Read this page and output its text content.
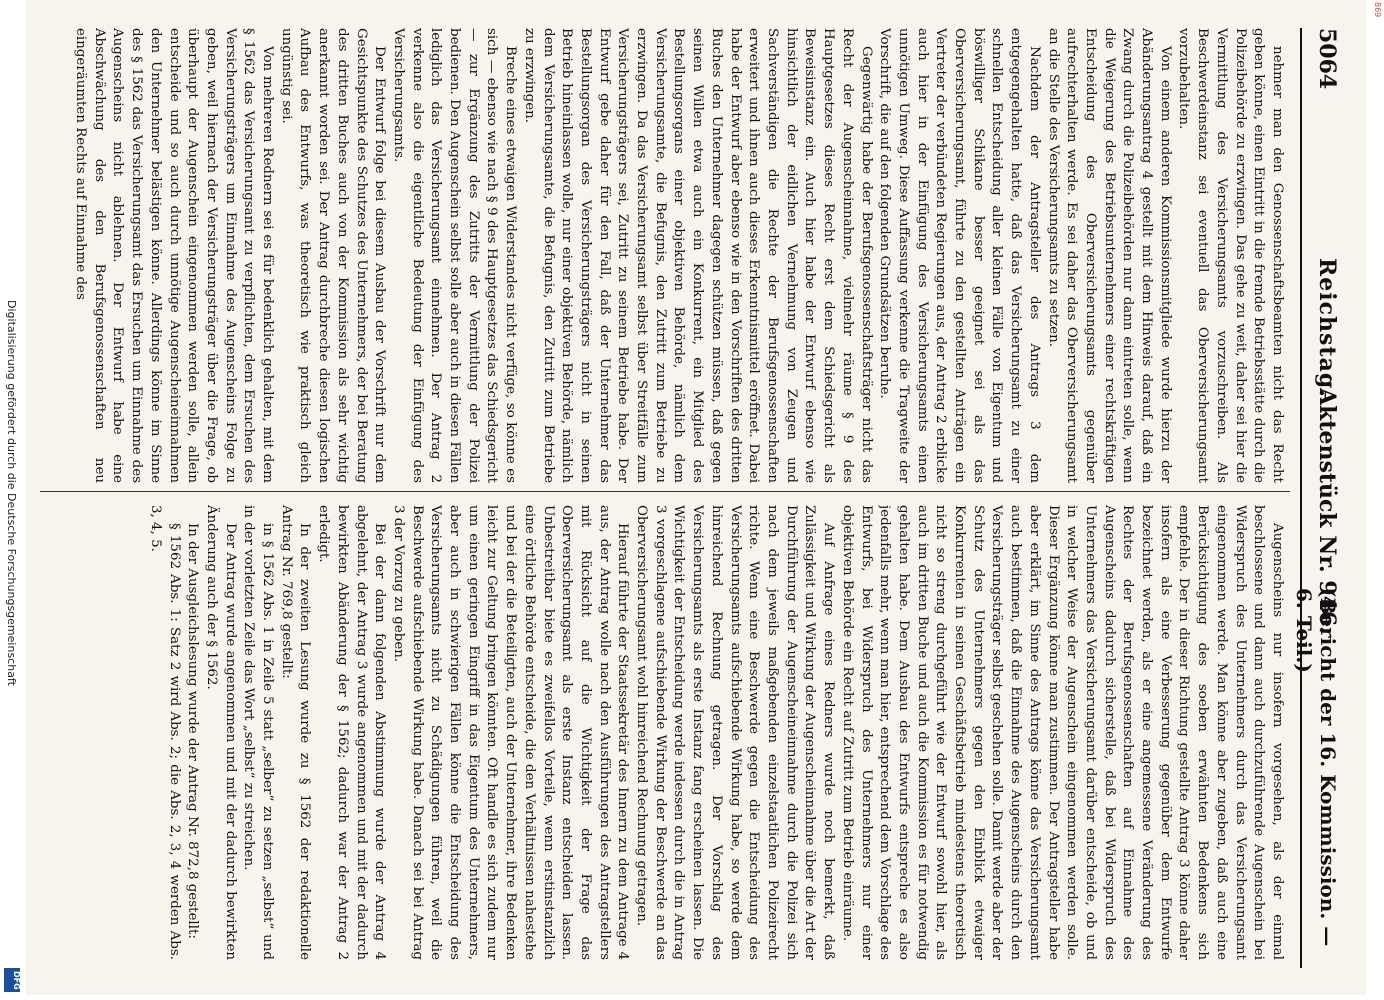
Digitalisierung gefördert durch die Deutsche Forschungsgemeinschaft
DFG
869
5064
Reichstag.
Aktenstück Nr. 946.
(Bericht der 16. Kommission. — 6. Teil.)

nehmer man den Genossenschaftsbeamten nicht das Recht geben könne, einen Eintritt in die fremde Betriebsstätte durch die Polizeibehörde zu erzwingen. Das gehe zu weit, daher sei hier die Vermittlung des Versicherungsamts vorzuschreiben. Als Beschwerdeinstanz sei eventuell das Oberversicherungsamt vorzubehalten.

Von einem anderen Kommissionsmitgliede wurde hierzu der Abänderungsantrag 4 gestellt mit dem Hinweis darauf, daß ein Zwang durch die Polizeibehörden nur dann eintreten solle, wenn die Weigerung des Betriebsunternehmers einer rechtskräftigen Entscheidung des Oberversicherungsamts gegenüber aufrechterhalten werde. Es sei daher das Oberversicherungsamt an die Stelle des Versicherungsamts zu setzen.

Nachdem der Antragsteller des Antrags 3 dem entgegengehalten hatte, daß das Versicherungsamt zu einer schnellen Entscheidung aller kleinen Fälle von Eigentum und böswilliger Schikane besser geeignet sei als das Oberversicherungsamt, führte zu den gestellten Anträgen ein Vertreter der verbündeten Regierungen aus, der Antrag 2 erblicke auch hier in der Einfügung des Versicherungsamts einen unnötigen Umweg. Diese Auffassung verkenne die Tragweite der Vorschrift, die auf den folgenden Grundsätzen beruhe.

Gegenwärtig habe der Berufsgenossenschaftsträger nicht das Recht der Augenscheinnahme, vielmehr räume § 9 des Hauptgesetzes dieses Recht erst dem Schiedsgericht als Beweisinstanz ein. Auch hier habe der Entwurf ebenso wie hinsichtlich der eidlichen Vernehmung von Zeugen und Sachverständigen die Rechte der Berufsgenossenschaften erweitert und ihnen auch dieses Erkenntnismittel eröffnet. Dabei habe der Entwurf aber ebenso wie in den Vorschriften des dritten Buches den Unternehmer dagegen schützen müssen, daß gegen seinen Willen etwa auch ein Konkurrent, ein Mitglied des Bestellungsorgans einer objektiven Behörde, nämlich dem Versicherungsamte, die Befugnis, den Zutritt zum Betriebe zu erzwingen. Da das Versicherungsamt selbst über Streitfälle zum Versicherungsträgers sei, Zutritt zu seinem Betriebe habe. Der Entwurf gebe daher für den Fall, daß der Unternehmer das Bestellungsorgan des Versicherungsträgers nicht in seinen Betrieb hineinlassen wolle, nur einer objektiven Behörde, nämlich dem Versicherungsamte, die Befugnis, den Zutritt zum Betriebe zu erzwingen.

Breche eines etwaigen Widerstandes nicht verfüge, so könne es sich — ebenso wie nach § 9 des Hauptgesetzes das Schiedsgericht — zur Ergänzung des Zutritts der Vermittlung der Polizei bedienen. Den Augenschein selbst solle aber auch in diesen Fällen lediglich das Versicherungsamt einnehmen. Der Antrag 2 verkenne also die eigentliche Bedeutung der Einfügung des Versicherungsamts.

Der Entwurf folge bei diesem Ausbau der Vorschrift nur dem Gesichtspunkte des Schutzes des Unternehmers, der bei Beratung des dritten Buches auch von der Kommission als sehr wichtig anerkannt worden sei. Der Antrag durchbreche diesen logischen Aufbau des Entwurfs, was theoretisch wie praktisch gleich ungünstig sei.

Von mehreren Rednern sei es für bedenklich gehalten, mit dem § 1562 das Versicherungsamt zu verpflichten, dem Ersuchen des Versicherungsträgers um Einnahme des Augenscheins Folge zu geben, weil hiernach der Versicherungsträger über die Frage, ob überhaupt der Augenschein eingenommen werden solle, allein entscheide und so auch durch unnötige Augenscheineinnahmen den Unternehmer belästigen könne. Allerdings könne im Sinne des § 1562 das Versicherungsamt das Ersuchen um Einnahme des Augenscheins nicht ablehnen. Der Entwurf habe eine Abschwächung des den Berufsgenossenschaften neu eingeräumten Rechts auf Einnahme des

Augenscheins nur insofern vorgesehen, als der einmal beschlossene und dann auch durchzuführende Augenschein bei Widerspruch des Unternehmers durch das Versicherungsamt eingenommen werde. Man könne aber zugeben, daß auch eine Berücksichtigung des soeben erwähnten Bedenkens sich empfehle. Der in dieser Richtung gestellte Antrag 3 könne daher insofern als eine Verbesserung gegenüber dem Entwurfe bezeichnet werden, als er eine angemessene Veränderung des Rechtes der Berufsgenossenschaften auf Einnahme des Augenscheins dadurch sicherstelle, daß bei Widerspruch des Unternehmers das Versicherungsamt darüber entscheide, ob und in welcher Weise der Augenschein eingenommen werden solle. Dieser Ergänzung könne man zustimmen. Der Antragsteller habe aber erklärt, im Sinne des Antrags könne das Versicherungsamt auch bestimmen, daß die Einnahme des Augenscheins durch den Versicherungsträger selbst geschehen solle. Damit werde aber der Schutz des Unternehmers gegen den Einblick etwaiger Konkurrenten in seinen Geschäftsbetrieb mindestens theoretisch nicht so streng durchgeführt wie der Entwurf sowohl hier, als auch im dritten Buche und auch die Kommission es für notwendig gehalten habe. Dem Ausbau des Entwurfs entspreche es also jedenfalls mehr, wenn man hier, entsprechend dem Vorschlage des Entwurfs, bei Widerspruch des Unternehmers nur einer objektiven Behörde ein Recht auf Zutritt zum Betrieb einräume.

Auf Anfrage eines Redners wurde noch bemerkt, daß Zulässigkeit und Wirkung der Augenscheinnahme über die Art der Durchführung der Augenscheineinnahme durch die Polizei sich nach dem jeweils maßgebenden einzelstaatlichen Polizeirecht richte. Wenn eine Beschwerde gegen die Entscheidung des Versicherungsamts aufschiebende Wirkung habe, so werde dem hinreichend Rechnung getragen. Der Vorschlag des Versicherungsamts als erste Instanz fang erscheinen lassen. Die Wichtigkeit der Entscheidung werde indessen durch die in Antrag 3 vorgeschlagene aufschiebende Wirkung der Beschwerde an das Oberversicherungsamt wohl hinreichend Rechnung getragen.

Hierauf führte der Staatssekretär des Innern zu dem Antrage 4 aus, der Antrag wolle nach den Ausführungen des Antragstellers mit Rücksicht auf die Wichtigkeit der Frage das Oberversicherungsamt als erste Instanz entscheiden lassen. Unbestreitbar biete es zweifellos Vorteile, wenn erstinstanzlich eine örtliche Behörde entscheide, die den Verhältnissen nahestehe und bei der die Beteiligten, auch der Unternehmer, ihre Bedenken leicht zur Geltung bringen könnten. Oft handle es sich zudem nur um einen geringen Eingriff in das Eigentum des Unternehmers, aber auch in schwierigen Fällen könne die Entscheidung des Versicherungsamts nicht zu Schädigungen führen, weil die Beschwerde aufschiebende Wirkung habe. Danach sei bei Antrag 3 der Vorzug zu geben.

Bei der dann folgenden Abstimmung wurde der Antrag 4 abgelehnt, der Antrag 3 wurde angenommen und mit der dadurch bewirkten Abänderung der § 1562; dadurch war der Antrag 2 erledigt.

In der zweiten Lesung wurde zu § 1562 der redaktionelle Antrag Nr. 769,8 gestellt:

in § 1562 Abs. 1 in Zeile 5 statt „selber“ zu setzen „selbst“ und in der vorletzten Zeile das Wort „selbst“ zu streichen.

Der Antrag wurde angenommen und mit der dadurch bewirkten Änderung auch der § 1562.

In der Ausgleichslesung wurde der Antrag Nr. 872,8 gestellt:

§ 1562 Abs. 1: Satz 2 wird Abs. 2; die Abs. 2, 3, 4 werden Abs. 3, 4, 5.
